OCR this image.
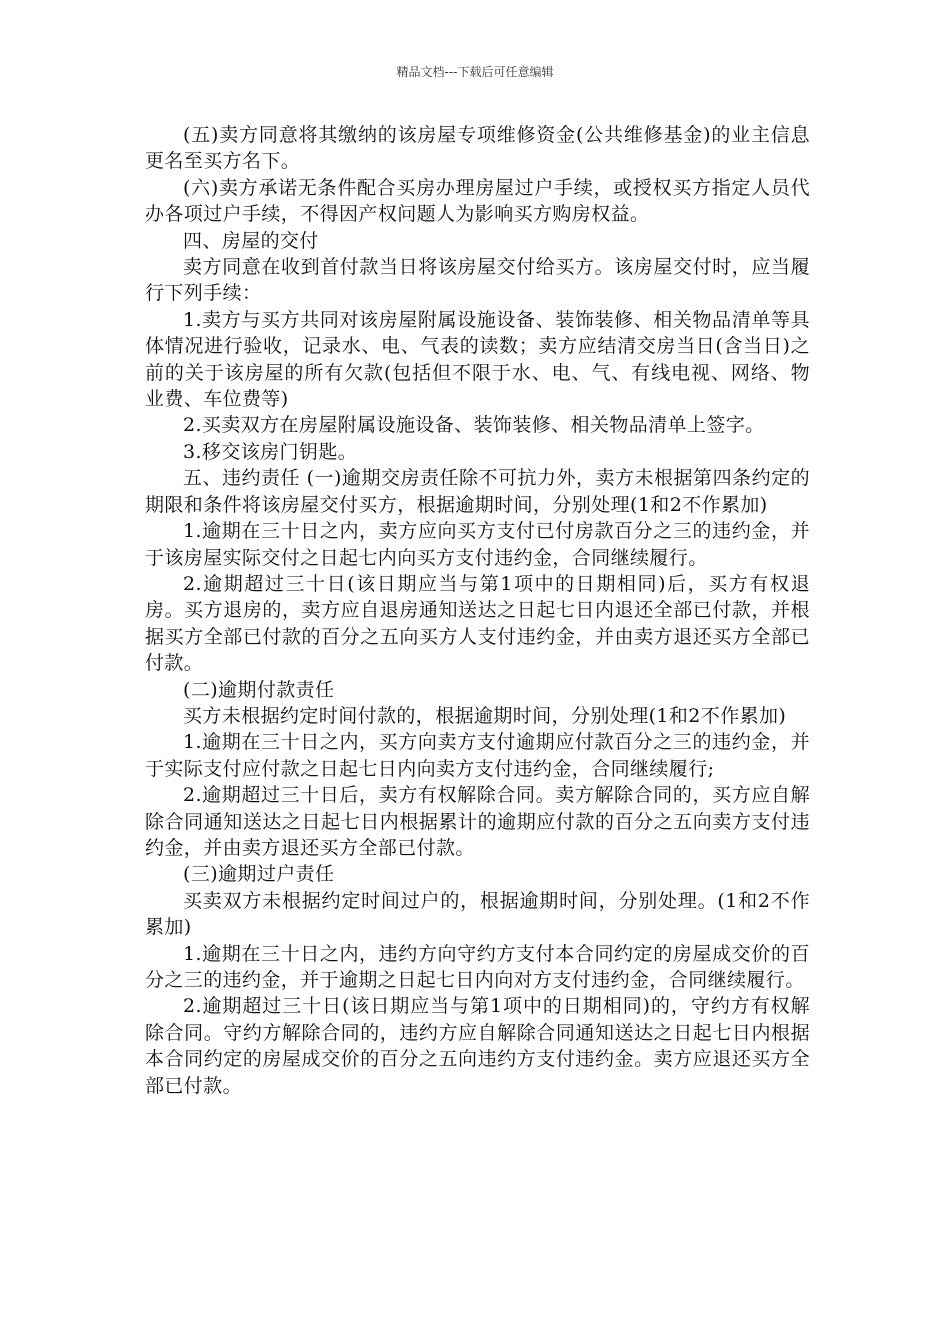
精品文档---下载后可任意编辑

(五)卖方同意将其缴纳的该房屋专项维修资金(公共维修基金)的业主信息更名至买方名下。

(六)卖方承诺无条件配合买房办理房屋过户手续，或授权买方指定人员代办各项过户手续，不得因产权问题人为影响买方购房权益。

四、房屋的交付

卖方同意在收到首付款当日将该房屋交付给买方。该房屋交付时，应当履行下列手续：

1.卖方与买方共同对该房屋附属设施设备、装饰装修、相关物品清单等具体情况进行验收，记录水、电、气表的读数；卖方应结清交房当日(含当日)之前的关于该房屋的所有欠款(包括但不限于水、电、气、有线电视、网络、物业费、车位费等)

2.买卖双方在房屋附属设施设备、装饰装修、相关物品清单上签字。

3.移交该房门钥匙。

五、违约责任 (一)逾期交房责任除不可抗力外，卖方未根据第四条约定的期限和条件将该房屋交付买方，根据逾期时间，分别处理(1和2不作累加)

1.逾期在三十日之内，卖方应向买方支付已付房款百分之三的违约金，并于该房屋实际交付之日起七内向买方支付违约金，合同继续履行。

2.逾期超过三十日(该日期应当与第1项中的日期相同)后，买方有权退房。买方退房的，卖方应自退房通知送达之日起七日内退还全部已付款，并根据买方全部已付款的百分之五向买方人支付违约金，并由卖方退还买方全部已付款。

(二)逾期付款责任

买方未根据约定时间付款的，根据逾期时间，分别处理(1和2不作累加)

1.逾期在三十日之内，买方向卖方支付逾期应付款百分之三的违约金，并于实际支付应付款之日起七日内向卖方支付违约金，合同继续履行;

2.逾期超过三十日后，卖方有权解除合同。卖方解除合同的，买方应自解除合同通知送达之日起七日内根据累计的逾期应付款的百分之五向卖方支付违约金，并由卖方退还买方全部已付款。

(三)逾期过户责任

买卖双方未根据约定时间过户的，根据逾期时间，分别处理。(1和2不作累加)

1.逾期在三十日之内，违约方向守约方支付本合同约定的房屋成交价的百分之三的违约金，并于逾期之日起七日内向对方支付违约金，合同继续履行。

2.逾期超过三十日(该日期应当与第1项中的日期相同)的，守约方有权解除合同。守约方解除合同的，违约方应自解除合同通知送达之日起七日内根据本合同约定的房屋成交价的百分之五向违约方支付违约金。卖方应退还买方全部已付款。
